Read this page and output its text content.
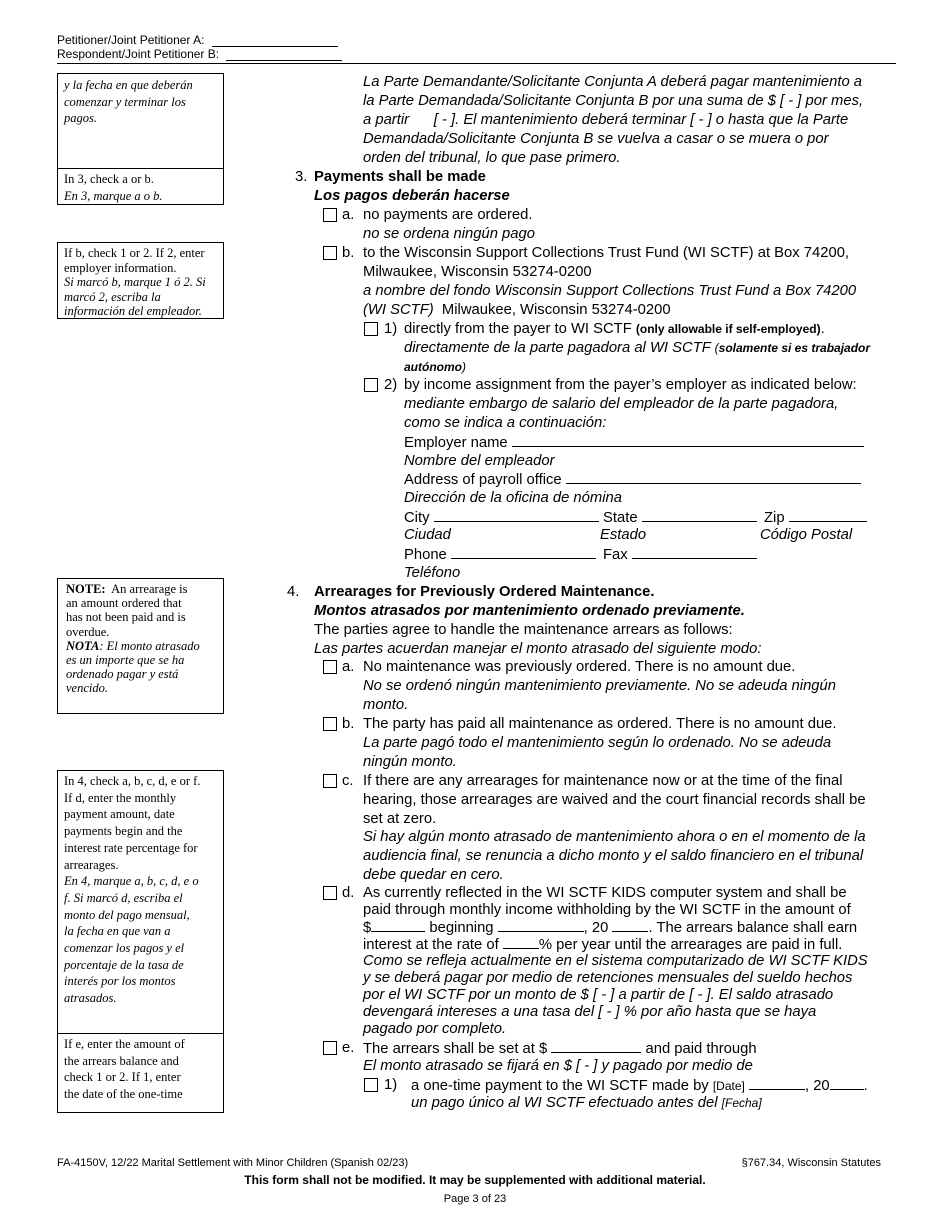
Petitioner/Joint Petitioner A:
Respondent/Joint Petitioner B:
y la fecha en que deberán
comenzar y terminar los
pagos.
In 3, check a or b.
En 3, marque a o b.
If b, check 1 or 2. If 2, enter
employer information.
Si marcó b, marque 1 ó 2. Si
marcó 2, escriba la
información del empleador.
NOTE: An arrearage is
an amount ordered that
has not been paid and is
overdue.
NOTA: El monto atrasado
es un importe que se ha
ordenado pagar y está
vencido.
In 4, check a, b, c, d, e or f.
If d, enter the monthly
payment amount, date
payments begin and the
interest rate percentage for
arrearages.
En 4, marque a, b, c, d, e o
f. Si marcó d, escriba el
monto del pago mensual,
la fecha en que van a
comenzar los pagos y el
porcentaje de la tasa de
interés por los montos
atrasados.
If e, enter the amount of
the arrears balance and
check 1 or 2. If 1, enter
the date of the one-time
La Parte Demandante/Solicitante Conjunta A deberá pagar mantenimiento a
la Parte Demandada/Solicitante Conjunta B por una suma de $ [ - ] por mes,
a partir      [ - ]. El mantenimiento deberá terminar [ - ] o hasta que la Parte
Demandada/Solicitante Conjunta B se vuelva a casar o se muera o por
orden del tribunal, lo que pase primero.
3. Payments shall be made
Los pagos deberán hacerse
a. no payments are ordered.
no se ordena ningún pago
b. to the Wisconsin Support Collections Trust Fund (WI SCTF) at Box 74200,
Milwaukee, Wisconsin 53274-0200
a nombre del fondo Wisconsin Support Collections Trust Fund a Box 74200
(WI SCTF) Milwaukee, Wisconsin 53274-0200
1) directly from the payer to WI SCTF (only allowable if self-employed).
directamente de la parte pagadora al WI SCTF (solamente si es trabajador
autónomo)
2) by income assignment from the payer’s employer as indicated below:
mediante embargo de salario del empleador de la parte pagadora,
como se indica a continuación:
Employer name
Nombre del empleador
Address of payroll office
Dirección de la oficina de nómina
City	State	Zip
Ciudad	Estado	Código Postal
Phone	Fax
Teléfono
4. Arrearages for Previously Ordered Maintenance.
Montos atrasados por mantenimiento ordenado previamente.
The parties agree to handle the maintenance arrears as follows:
Las partes acuerdan manejar el monto atrasado del siguiente modo:
a. No maintenance was previously ordered. There is no amount due.
No se ordenó ningún mantenimiento previamente. No se adeuda ningún
monto.
b. The party has paid all maintenance as ordered. There is no amount due.
La parte pagó todo el mantenimiento según lo ordenado. No se adeuda
ningún monto.
c. If there are any arrearages for maintenance now or at the time of the final
hearing, those arrearages are waived and the court financial records shall be
set at zero.
Si hay algún monto atrasado de mantenimiento ahora o en el momento de la
audiencia final, se renuncia a dicho monto y el saldo financiero en el tribunal
debe quedar en cero.
d. As currently reflected in the WI SCTF KIDS computer system and shall be
paid through monthly income withholding by the WI SCTF in the amount of
$	beginning	, 20	. The arrears balance shall earn
interest at the rate of	% per year until the arrearages are paid in full.
Como se refleja actualmente en el sistema computarizado de WI SCTF KIDS
y se deberá pagar por medio de retenciones mensuales del sueldo hechos
por el WI SCTF por un monto de $ [ - ] a partir de [ - ]. El saldo atrasado
devengará intereses a una tasa del [ - ] % por año hasta que se haya
pagado por completo.
e. The arrears shall be set at $	and paid through
El monto atrasado se fijará en $ [ - ] y pagado por medio de
1) a one-time payment to the WI SCTF made by [Date]	, 20 .
un pago único al WI SCTF efectuado antes del [Fecha]
FA-4150V, 12/22 Marital Settlement with Minor Children (Spanish 02/23)	§767.34, Wisconsin Statutes
This form shall not be modified. It may be supplemented with additional material.
Page 3 of 23
